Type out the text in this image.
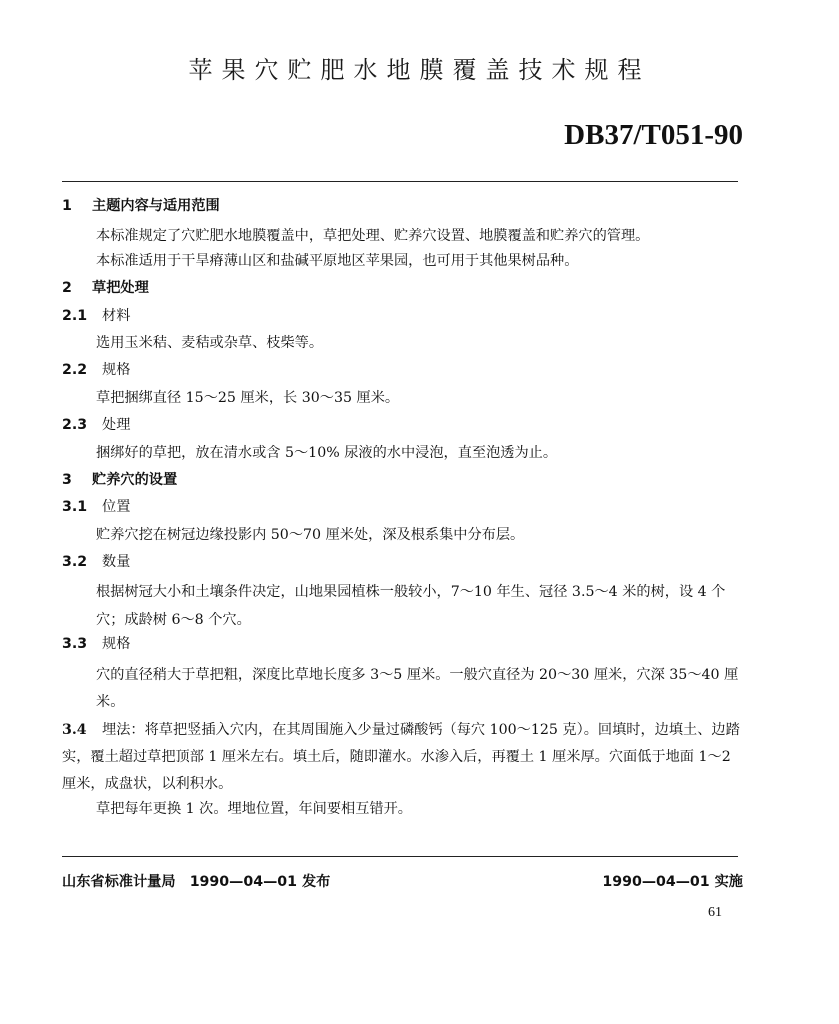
苹果穴贮肥水地膜覆盖技术规程
DB37/T051-90
1 主题内容与适用范围
本标准规定了穴贮肥水地膜覆盖中，草把处理、贮养穴设置、地膜覆盖和贮养穴的管理。
本标准适用于干旱瘠薄山区和盐碱平原地区苹果园，也可用于其他果树品种。
2 草把处理
2.1 材料
选用玉米秸、麦秸或杂草、枝柴等。
2.2 规格
草把捆绑直径 15～25 厘米，长 30～35 厘米。
2.3 处理
捆绑好的草把，放在清水或含 5～10% 尿液的水中浸泡，直至泡透为止。
3 贮养穴的设置
3.1 位置
贮养穴挖在树冠边缘投影内 50～70 厘米处，深及根系集中分布层。
3.2 数量
根据树冠大小和土壤条件决定，山地果园植株一般较小，7～10 年生、冠径 3.5～4 米的树，设 4 个穴；成龄树 6～8 个穴。
3.3 规格
穴的直径稍大于草把粗，深度比草地长度多 3～5 厘米。一般穴直径为 20～30 厘米，穴深 35～40 厘米。
3.4 埋法：将草把竖插入穴内，在其周围施入少量过磷酸钙（每穴 100～125 克）。回填时，边填土、边踏实，覆土超过草把顶部 1 厘米左右。填土后，随即灌水。水渗入后，再覆土 1 厘米厚。穴面低于地面 1～2 厘米，成盘状，以利积水。
草把每年更换 1 次。埋地位置，年间要相互错开。
山东省标准计量局　1990—04—01 发布	1990—04—01 实施
61
